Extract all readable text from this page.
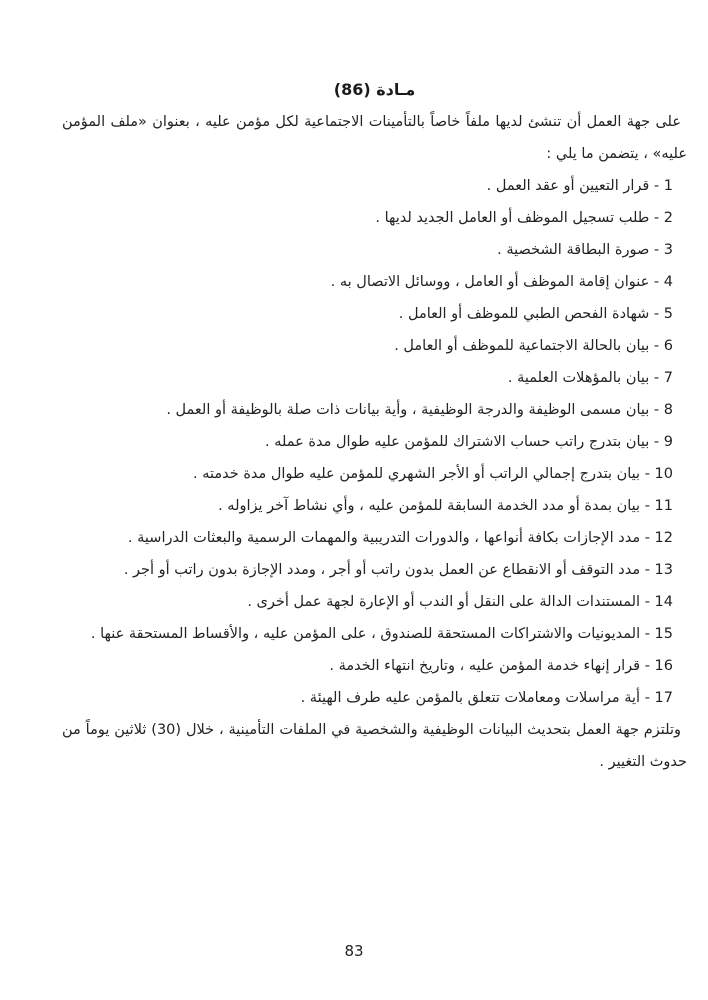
مـادة (86)

على جهة العمل أن تنشئ لديها ملفاً خاصاً بالتأمينات الاجتماعية لكل مؤمن عليه ، بعنوان «ملف المؤمن عليه» ، يتضمن ما يلي :

1 - قرار التعيين أو عقد العمل .
2 - طلب تسجيل الموظف أو العامل الجديد لديها .
3 - صورة البطاقة الشخصية .
4 - عنوان إقامة الموظف أو العامل ، ووسائل الاتصال به .
5 - شهادة الفحص الطبي للموظف أو العامل .
6 - بيان بالحالة الاجتماعية للموظف أو العامل .
7 - بيان بالمؤهلات العلمية .
8 - بيان مسمى الوظيفة والدرجة الوظيفية ، وأية بيانات ذات صلة بالوظيفة أو العمل .
9 - بيان بتدرج راتب حساب الاشتراك للمؤمن عليه طوال مدة عمله .
10 - بيان بتدرج إجمالي الراتب أو الأجر الشهري للمؤمن عليه طوال مدة خدمته .
11 - بيان بمدة أو مدد الخدمة السابقة للمؤمن عليه ، وأي نشاط آخر يزاوله .
12 - مدد الإجازات بكافة أنواعها ، والدورات التدريبية والمهمات الرسمية والبعثات الدراسية .
13 - مدد التوقف أو الانقطاع عن العمل بدون راتب أو أجر ، ومدد الإجازة بدون راتب أو أجر .
14 - المستندات الدالة على النقل أو الندب أو الإعارة لجهة عمل أخرى .
15 - المديونيات والاشتراكات المستحقة للصندوق ، على المؤمن عليه ، والأقساط المستحقة عنها .
16 - قرار إنهاء خدمة المؤمن عليه ، وتاريخ انتهاء الخدمة .
17 - أية مراسلات ومعاملات تتعلق بالمؤمن عليه طرف الهيئة .

وتلتزم جهة العمل بتحديث البيانات الوظيفية والشخصية في الملفات التأمينية ، خلال (30) ثلاثين يوماً من حدوث التغيير .

83
